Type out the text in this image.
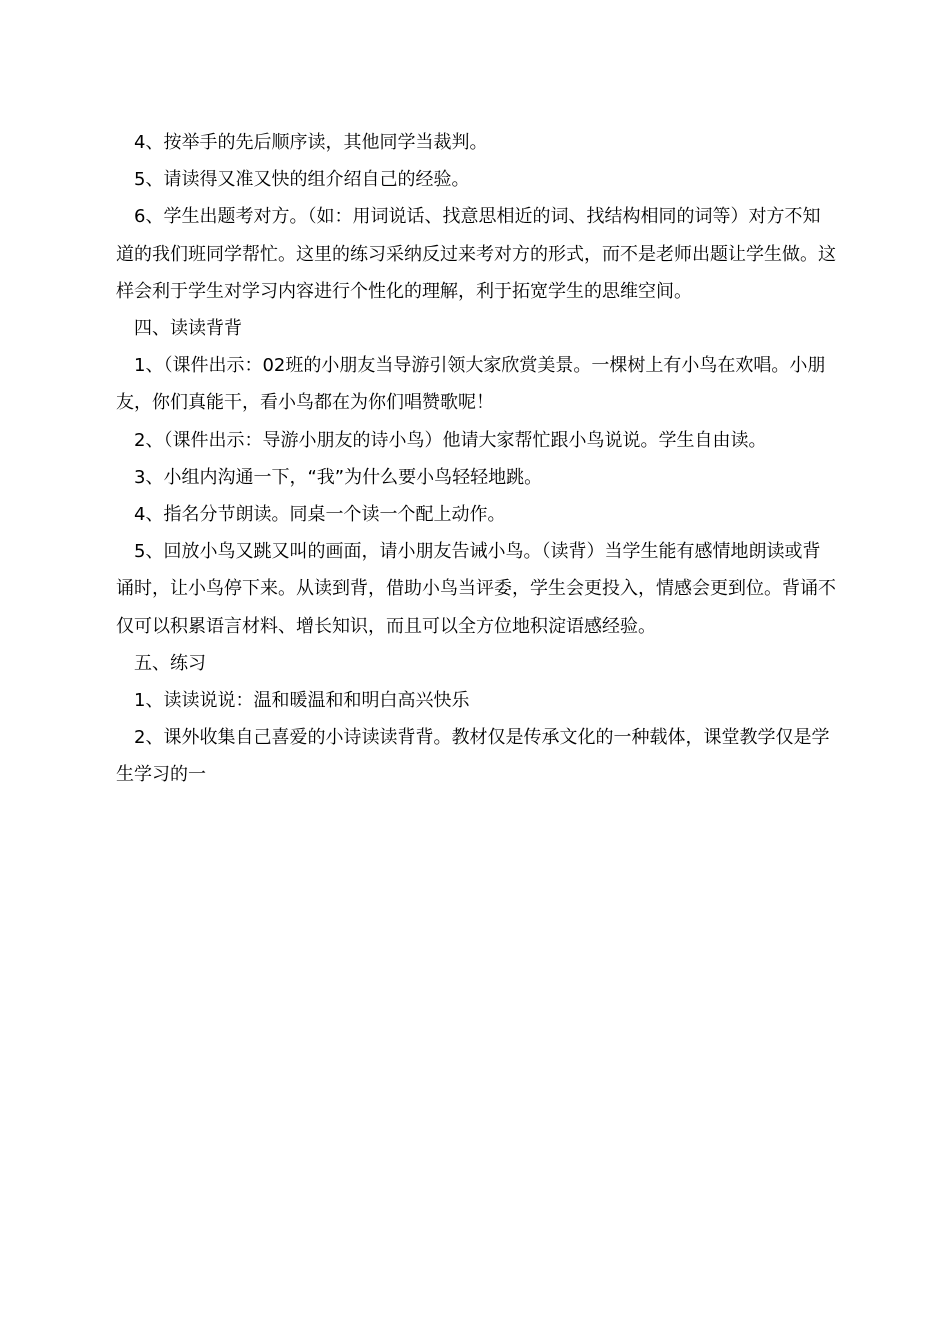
4、按举手的先后顺序读，其他同学当裁判。

5、请读得又准又快的组介绍自己的经验。

6、学生出题考对方。（如：用词说话、找意思相近的词、找结构相同的词等）对方不知道的我们班同学帮忙。这里的练习采纳反过来考对方的形式，而不是老师出题让学生做。这样会利于学生对学习内容进行个性化的理解，利于拓宽学生的思维空间。

四、读读背背

1、（课件出示：02班的小朋友当导游引领大家欣赏美景。一棵树上有小鸟在欢唱。小朋友，你们真能干，看小鸟都在为你们唱赞歌呢！

2、（课件出示：导游小朋友的诗小鸟）他请大家帮忙跟小鸟说说。学生自由读。

3、小组内沟通一下，“我”为什么要小鸟轻轻地跳。

4、指名分节朗读。同桌一个读一个配上动作。

5、回放小鸟又跳又叫的画面，请小朋友告诫小鸟。（读背）当学生能有感情地朗读或背诵时，让小鸟停下来。从读到背，借助小鸟当评委，学生会更投入，情感会更到位。背诵不仅可以积累语言材料、增长知识，而且可以全方位地积淀语感经验。

五、练习

1、读读说说：温和暖温和和明白高兴快乐

2、课外收集自己喜爱的小诗读读背背。教材仅是传承文化的一种载体，课堂教学仅是学生学习的一
